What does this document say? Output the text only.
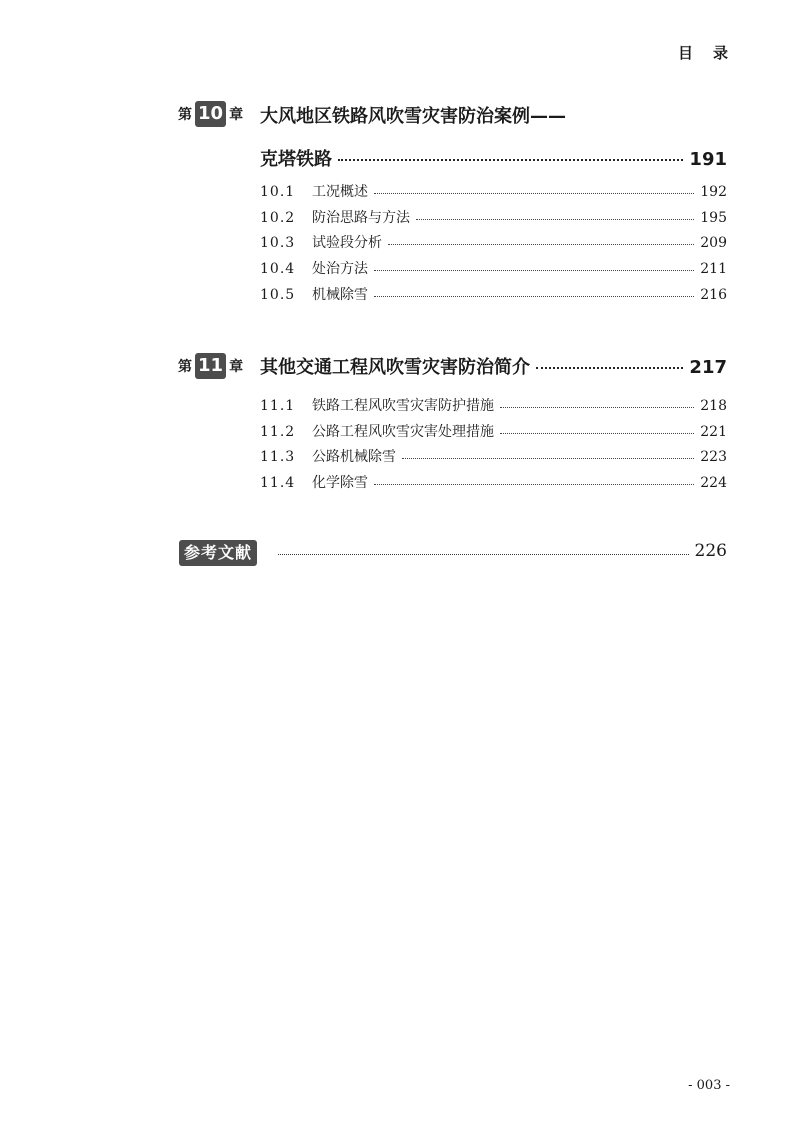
目录
第 10 章 大风地区铁路风吹雪灾害防治案例——
克塔铁路	191
10.1	工况概述	192
10.2	防治思路与方法	195
10.3	试验段分析	209
10.4	处治方法	211
10.5	机械除雪	216
第 11 章 其他交通工程风吹雪灾害防治简介	217
11.1	铁路工程风吹雪灾害防护措施	218
11.2	公路工程风吹雪灾害处理措施	221
11.3	公路机械除雪	223
11.4	化学除雪	224
参考文献	226
- 003 -
